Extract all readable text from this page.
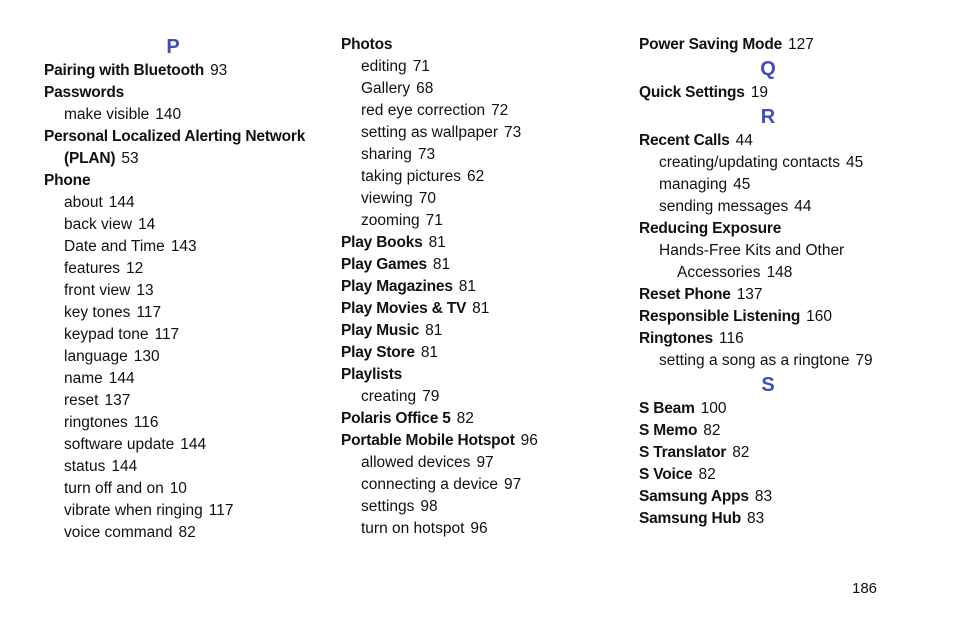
P
Pairing with Bluetooth 93
Passwords
make visible 140
Personal Localized Alerting Network
(PLAN) 53
Phone
about 144
back view 14
Date and Time 143
features 12
front view 13
key tones 117
keypad tone 117
language 130
name 144
reset 137
ringtones 116
software update 144
status 144
turn off and on 10
vibrate when ringing 117
voice command 82
Photos
editing 71
Gallery 68
red eye correction 72
setting as wallpaper 73
sharing 73
taking pictures 62
viewing 70
zooming 71
Play Books 81
Play Games 81
Play Magazines 81
Play Movies & TV 81
Play Music 81
Play Store 81
Playlists
creating 79
Polaris Office 5 82
Portable Mobile Hotspot 96
allowed devices 97
connecting a device 97
settings 98
turn on hotspot 96
Power Saving Mode 127
Q
Quick Settings 19
R
Recent Calls 44
creating/updating contacts 45
managing 45
sending messages 44
Reducing Exposure
Hands-Free Kits and Other
Accessories 148
Reset Phone 137
Responsible Listening 160
Ringtones 116
setting a song as a ringtone 79
S
S Beam 100
S Memo 82
S Translator 82
S Voice 82
Samsung Apps 83
Samsung Hub 83
186
